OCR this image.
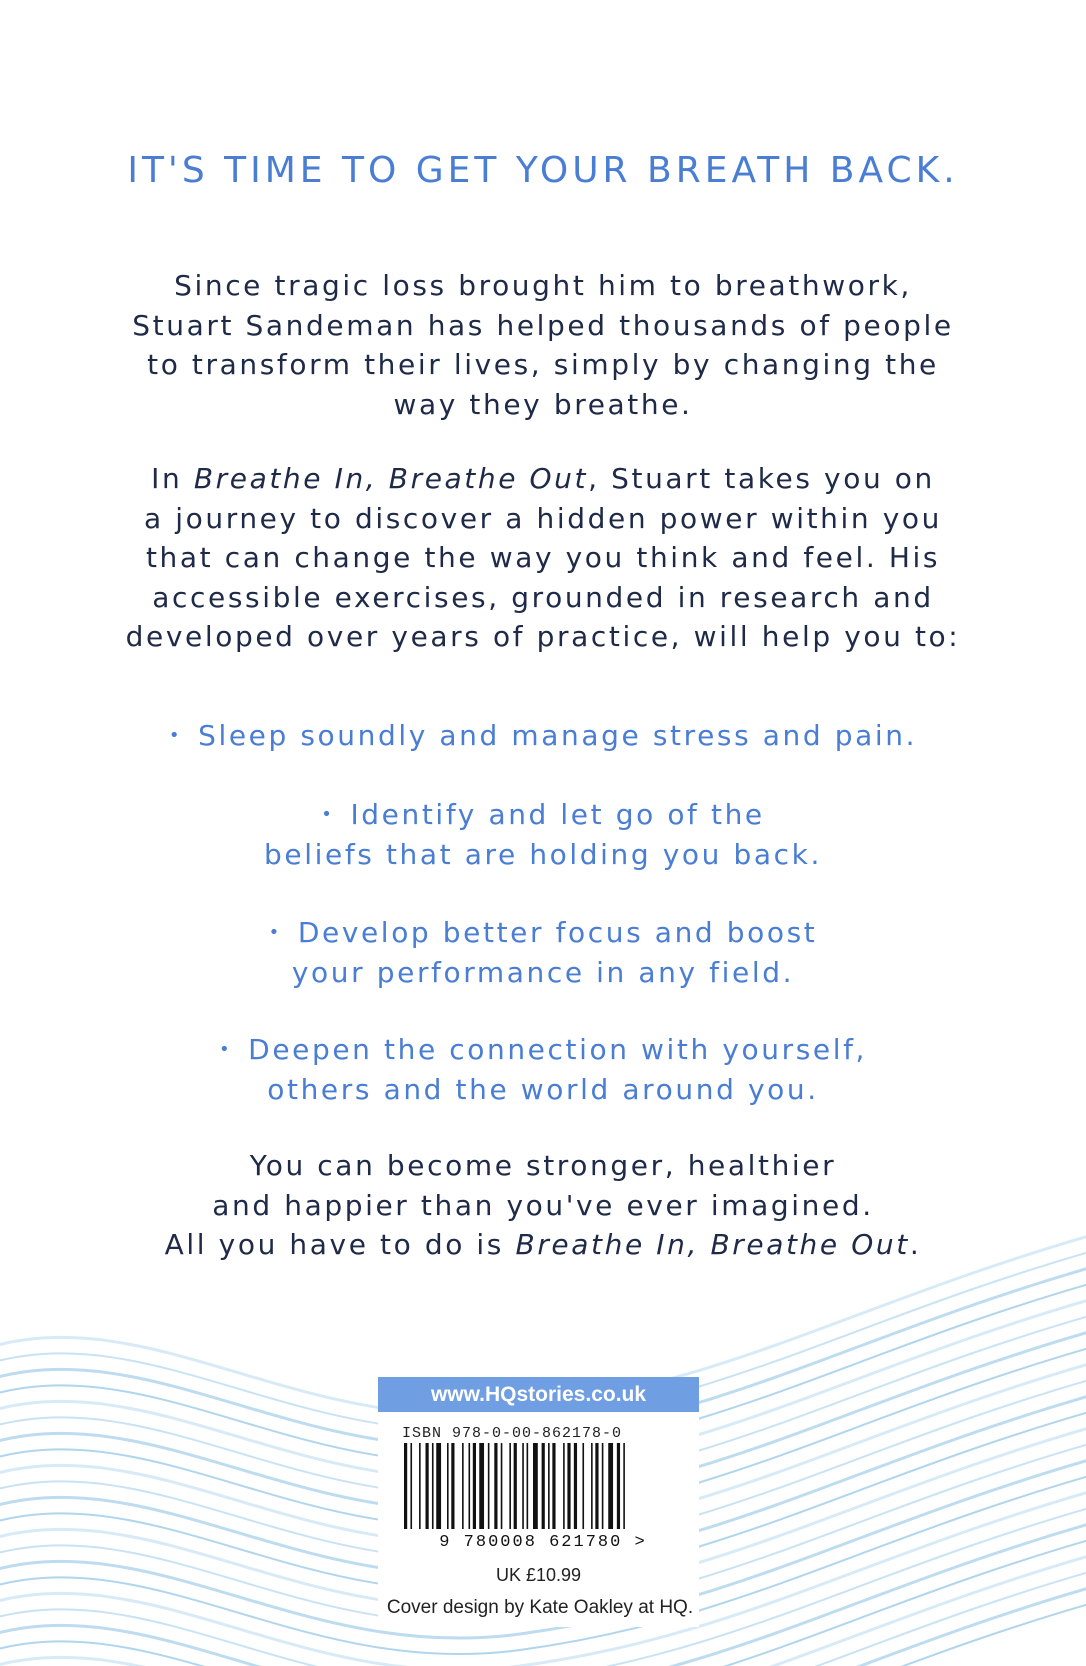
IT'S TIME TO GET YOUR BREATH BACK.
Since tragic loss brought him to breathwork,
Stuart Sandeman has helped thousands of people
to transform their lives, simply by changing the
way they breathe.
In Breathe In, Breathe Out, Stuart takes you on
a journey to discover a hidden power within you
that can change the way you think and feel. His
accessible exercises, grounded in research and
developed over years of practice, will help you to:
• Sleep soundly and manage stress and pain.
• Identify and let go of the
beliefs that are holding you back.
• Develop better focus and boost
your performance in any field.
• Deepen the connection with yourself,
others and the world around you.
You can become stronger, healthier
and happier than you've ever imagined.
All you have to do is Breathe In, Breathe Out.
www.HQstories.co.uk
ISBN 978-0-00-862178-0
9 780008 621780 >
UK £10.99
Cover design by Kate Oakley at HQ.
